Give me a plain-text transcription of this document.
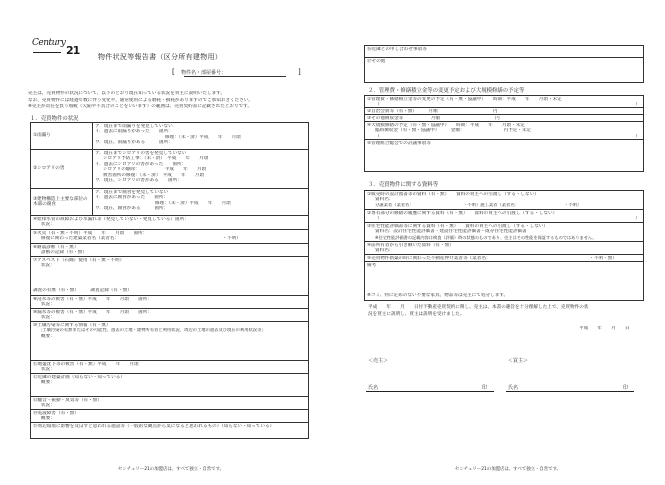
Century
21	物件状況等報告書（区分所有建物用）
[ 物件名・部屋番号：	]
売主は、売買物件の状況について、以下のとおり現在知っている状況を買主に説明いたします。
なお、売買物件には経過年数に伴う変化や、通常使用による磨耗・損耗がありますのでご承知おきください。
※売主が責任を負う瑕疵（欠陥や不具合のことをいいます）の範囲は、売買契約書に記載されたとおりです。
１．売買物件の状況
①雨漏り
ア．現在まで雨漏りを発見していない
イ．過去に雨漏りがあった　　箇所：
修理：（未・済）平成　　年　　月頃
ウ．現在、雨漏りがある　　　箇所：
②シロアリの害
ア．現在までシロアリの害を発見していない
シロアリ予防工事：（未・済）　平成　　年　　月頃
イ．過去にシロアリの害があった　　箇所：
シロアリの駆除：　　　　　　平成　　年　　月頃
被害箇所の修復：（未・済）　平成　　年　　月頃
ウ．現在、シロアリの害がある　　箇所：
③建物構造上主要な部位の木部の腐食
ア．現在まで腐食を発見していない
イ．過去に腐食があった　　箇所：
修理：（未・済）平成　　年　　月頃
ウ．現在、腐食がある　　　箇所：
④給排水管の故障および水漏れ等（発見していない・発見している）箇所：
状況：
⑤火災（有・無・不明）平成　　年　　月頃　　箇所：
修復に関わった建築業者名（業者名：　　　　　　　　　　　　　　　　　　　　　　　・不明）
⑥耐震診断（有・無）
診断の記録（有・無）
⑦アスベスト（石綿）使用（有・無・不明）
状況：
調査の有無（有・無）　　　調査記録（有・無）
⑧浸水等の被害（有・無）平成　　年　　月頃　　箇所：
状況：
⑨漏水等の被害（有・無）平成　　年　　月頃　　箇所：
状況：
⑩土壌汚染等に関する情報（有・無）
［土壌汚染の有無またはその可能性、過去の土地・建物所有者と利用状況、周辺の土地の過去及び現在の利用状況等］
概要：
⑪地盤沈下等の被害（有・無）平成　　年　　月頃
状況：
⑫近隣の建築計画（知らない・知っている）
概要：
⑬騒音・振動・臭気等（有・無）
状況：
⑭電波障害（有・無）
概要：
⑮周辺環境に影響を及ぼすと思われる施設等（一般的な観点から気になると思われるもの）（知らない・知っている）
センチュリー21の加盟店は、すべて独立・自営です。
⑯近隣との申し合わせ事項等
⑰その他
２．管理費・修繕積立金等の変更予定および大規模修繕の予定等
①管理費・修繕積立金等の変更の予定（有・無・協議中）　　時期：平成　　年　　月頃・未定
（	）
②自治会費等（有・無）　　　月額　　　　　　　　　　　　円
③その他徴収金等　　　　　　月額　　　　　　　　　　　　円
④大規模修繕の予定（有・無・協議中）　　時期：平成　　年　　月頃・未定
臨時徴収金（有・無・協議中）　　　金額：　　　　　　　　　円予定・未定
（	）
⑤管理組合総会での討議事項等
３．売買物件に関する資料等
①販売時の設計図書等の資料（有・無）　　資料の買主への引渡し（する・しない）
資料名：
分譲業者（業者名：　　　　　　　　　　　　・不明）施工業者（業者名：　　　　　　　　　　　・不明）
②専有部分の修繕の履歴に関する資料（有・無）　　資料の買主への引渡し（する・しない）
（	）
③住宅性能評価書等に関する資料（有・無）　　資料の買主への引渡し（する・しない）
資料名：設計住宅性能評価書・建設住宅性能評価書・既存住宅性能評価書
※住宅性能評価書の記載内容は検査（評価）時の状態のものであり、売主はその性能を保証するものではありません。
④前所有者から引き継いだ資料（有・無）
資料名：
⑤売買物件新築の時に関わった不動産仲介業者等（業者名：　　　　　　　　　　　　　　　　　　　　　　・不明・無）
備考
※ゴミ、特に定めのない不要な家具、物品等は売主にて処分します。
平成　　年　　月　　日付不動産売買契約に関し、売主は、本書の趣旨を十分理解した上で、売買物件の状
況を買主に説明し、買主は説明を受けました。
平成　　年　　月　　日
＜売主＞	＜買主＞
氏名	印	氏名	印
センチュリー21の加盟店は、すべて独立・自営です。
